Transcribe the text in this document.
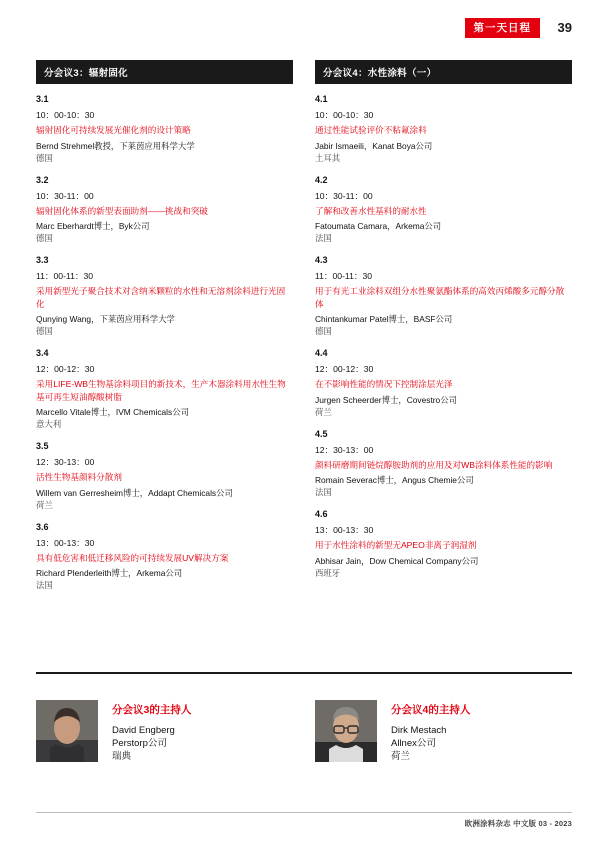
第一天日程	39
分会议3：辐射固化
3.1
10：00-10：30
辐射固化可持续发展光催化剂的设计策略
Bernd Strehmel教授，下莱茵应用科学大学
德国
3.2
10：30-11：00
辐射固化体系的新型表面助剂——挑战和突破
Marc Eberhardt博士，Byk公司
德国
3.3
11：00-11：30
采用新型光子聚合技术对含纳米颗粒的水性和无溶剂涂料进行光固化
Qunying Wang，下莱茵应用科学大学
德国
3.4
12：00-12：30
采用LIFE-WB生物基涂料项目的新技术，生产木器涂料用水性生物基可再生短油醇酸树脂
Marcello Vitale博士，IVM Chemicals公司
意大利
3.5
12：30-13：00
活性生物基颜料分散剂
Willem van Gerresheim博士，Addapt Chemicals公司
荷兰
3.6
13：00-13：30
具有低危害和低迁移风险的可持续发展UV解决方案
Richard Plenderleith博士，Arkema公司
法国
分会议4：水性涂料（一）
4.1
10：00-10：30
通过性能试验评价不粘氟涂料
Jabir Ismaeili，Kanat Boya公司
土耳其
4.2
10：30-11：00
了解和改善水性基料的耐水性
Fatoumata Camara，Arkema公司
法国
4.3
11：00-11：30
用于有光工业涂料双组分水性聚氨酯体系的高效丙烯酸多元醇分散体
Chintankumar Patel博士，BASF公司
德国
4.4
12：00-12：30
在不影响性能的情况下控制涂层光泽
Jurgen Scheerder博士，Covestro公司
荷兰
4.5
12：30-13：00
颜料研磨期间链烷醇胺助剂的应用及对WB涂料体系性能的影响
Romain Severac博士，Angus Chemie公司
法国
4.6
13：00-13：30
用于水性涂料的新型无APEO非离子润湿剂
Abhisar Jain，Dow Chemical Company公司
西班牙
分会议3的主持人
David Engberg
Perstorp公司
瑞典
分会议4的主持人
Dirk Mestach
Allnex公司
荷兰
欧洲涂料杂志 中文版 03 - 2023
